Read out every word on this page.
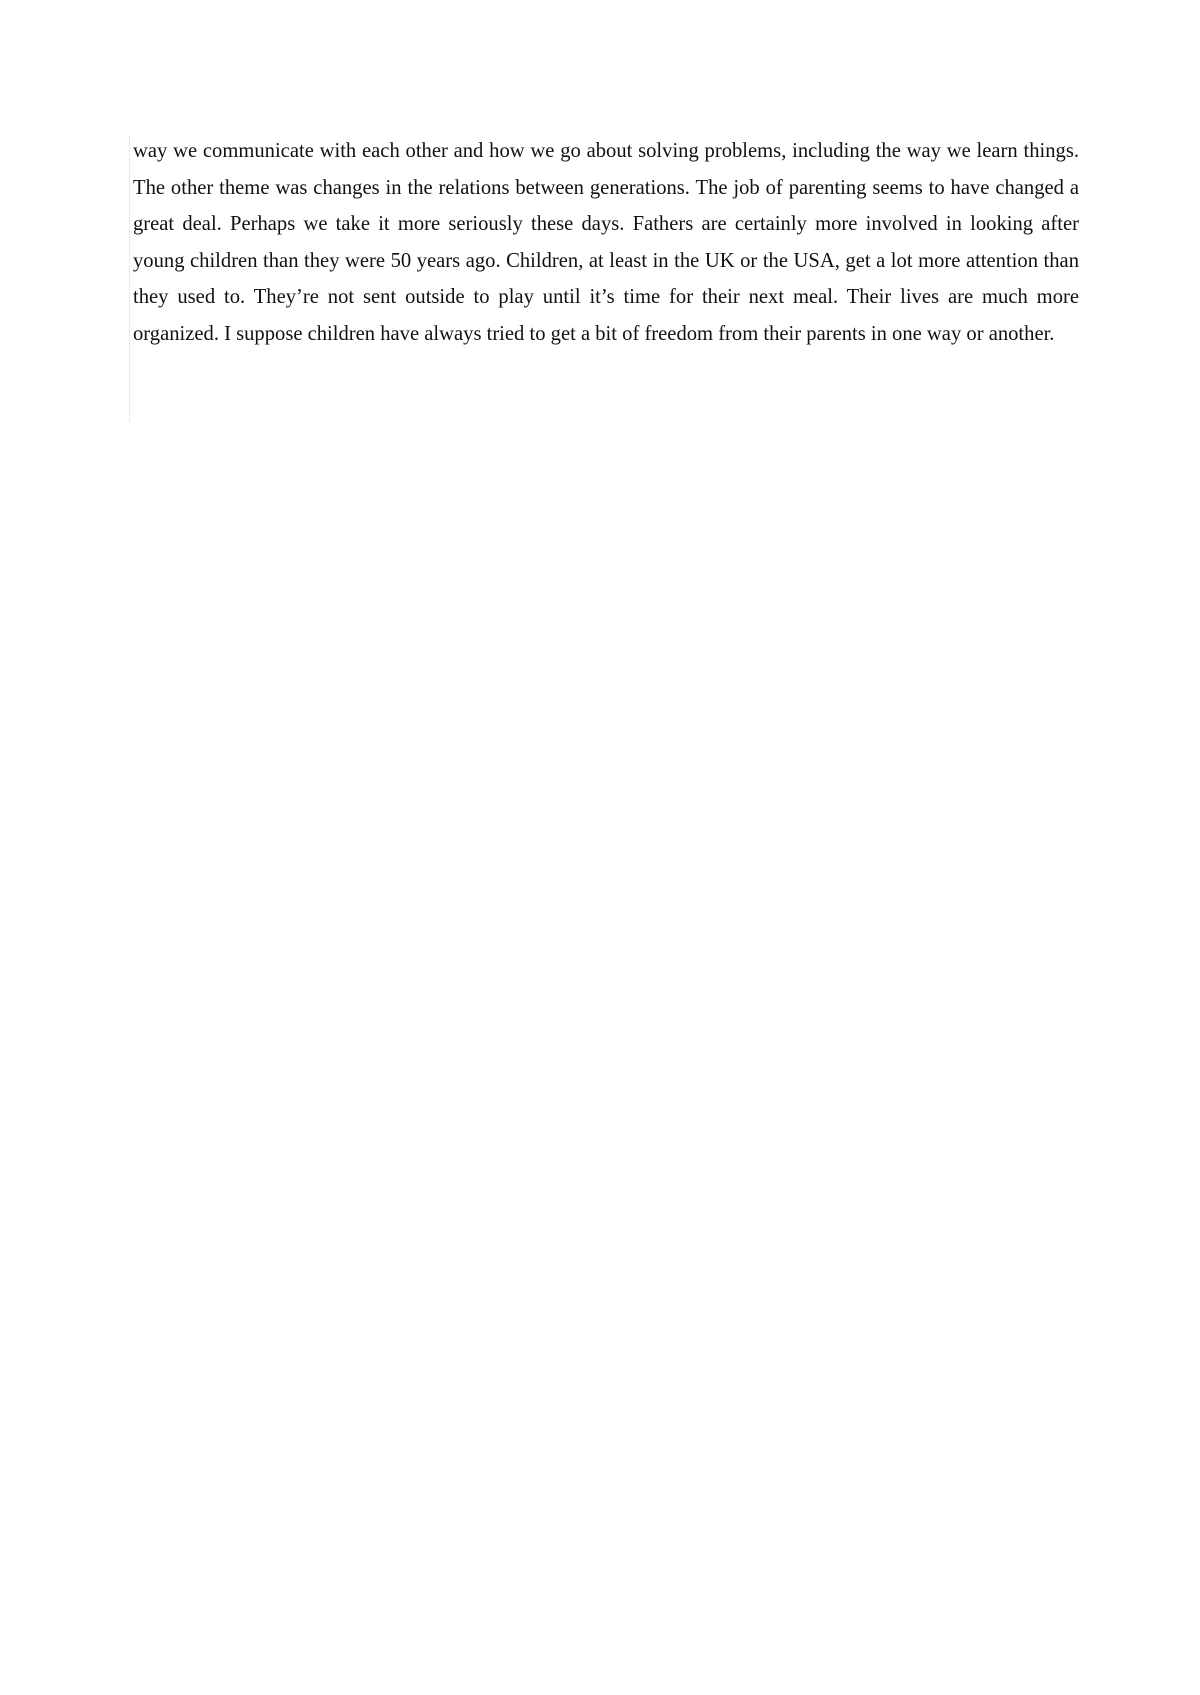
way we communicate with each other and how we go about solving problems, including the way we learn things. The other theme was changes in the relations between generations. The job of parenting seems to have changed a great deal. Perhaps we take it more seriously these days. Fathers are certainly more involved in looking after young children than they were 50 years ago. Children, at least in the UK or the USA, get a lot more attention than they used to. They’re not sent outside to play until it’s time for their next meal. Their lives are much more organized. I suppose children have always tried to get a bit of freedom from their parents in one way or another.
